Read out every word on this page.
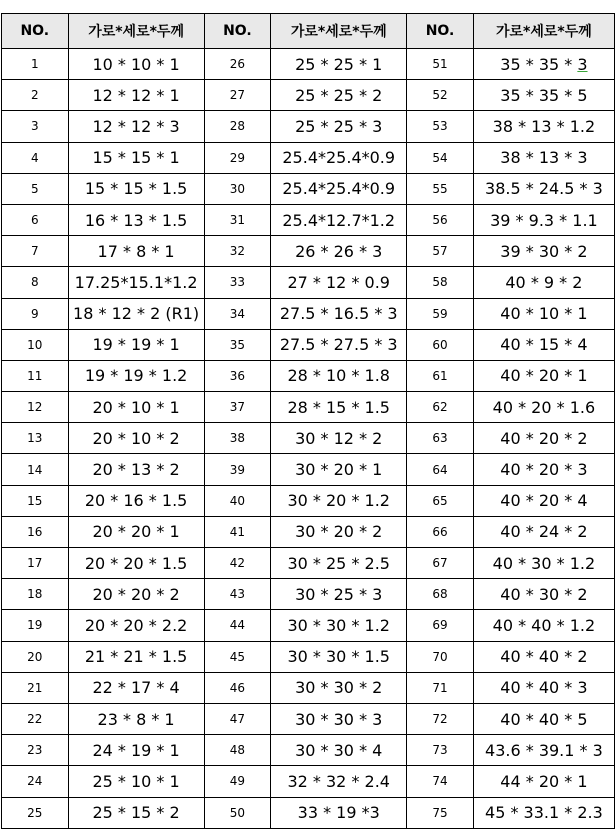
NO.	가로*세로*두께	NO.	가로*세로*두께	NO.	가로*세로*두께
1	10 * 10 * 1	26	25 * 25 * 1	51	35 * 35 * 3
2	12 * 12 * 1	27	25 * 25 * 2	52	35 * 35 * 5
3	12 * 12 * 3	28	25 * 25 * 3	53	38 * 13 * 1.2
4	15 * 15 * 1	29	25.4*25.4*0.9	54	38 * 13 * 3
5	15 * 15 * 1.5	30	25.4*25.4*0.9	55	38.5 * 24.5 * 3
6	16 * 13 * 1.5	31	25.4*12.7*1.2	56	39 * 9.3 * 1.1
7	17 * 8 * 1	32	26 * 26 * 3	57	39 * 30 * 2
8	17.25*15.1*1.2	33	27 * 12 * 0.9	58	40 * 9 * 2
9	18 * 12 * 2 (R1)	34	27.5 * 16.5 * 3	59	40 * 10 * 1
10	19 * 19 * 1	35	27.5 * 27.5 * 3	60	40 * 15 * 4
11	19 * 19 * 1.2	36	28 * 10 * 1.8	61	40 * 20 * 1
12	20 * 10 * 1	37	28 * 15 * 1.5	62	40 * 20 * 1.6
13	20 * 10 * 2	38	30 * 12 * 2	63	40 * 20 * 2
14	20 * 13 * 2	39	30 * 20 * 1	64	40 * 20 * 3
15	20 * 16 * 1.5	40	30 * 20 * 1.2	65	40 * 20 * 4
16	20 * 20 * 1	41	30 * 20 * 2	66	40 * 24 * 2
17	20 * 20 * 1.5	42	30 * 25 * 2.5	67	40 * 30 * 1.2
18	20 * 20 * 2	43	30 * 25 * 3	68	40 * 30 * 2
19	20 * 20 * 2.2	44	30 * 30 * 1.2	69	40 * 40 * 1.2
20	21 * 21 * 1.5	45	30 * 30 * 1.5	70	40 * 40 * 2
21	22 * 17 * 4	46	30 * 30 * 2	71	40 * 40 * 3
22	23 * 8 * 1	47	30 * 30 * 3	72	40 * 40 * 5
23	24 * 19 * 1	48	30 * 30 * 4	73	43.6 * 39.1 * 3
24	25 * 10 * 1	49	32 * 32 * 2.4	74	44 * 20 * 1
25	25 * 15 * 2	50	33 * 19 *3	75	45 * 33.1 * 2.3
